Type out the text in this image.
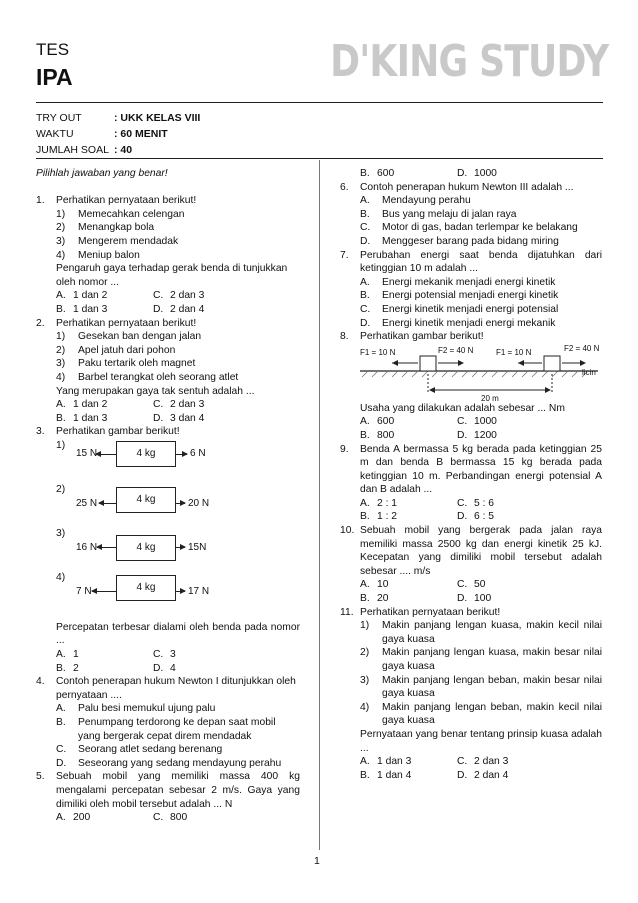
TES
IPA	D'KING STUDY
TRY OUT	: UKK KELAS VIII
WAKTU	: 60 MENIT
JUMLAH SOAL : 40

Pilihlah jawaban yang benar!

1.	Perhatikan pernyataan berikut!
1)	Memecahkan celengan
2)	Menangkap bola
3)	Mengerem mendadak
4)	Meniup balon
Pengaruh gaya terhadap gerak benda di tunjukkan oleh nomor ...
A. 1 dan 2	C. 2 dan 3
B. 1 dan 3	D. 2 dan 4
2.	Perhatikan pernyataan berikut!
1)	Gesekan ban dengan jalan
2)	Apel jatuh dari pohon
3)	Paku tertarik oleh magnet
4)	Barbel terangkat oleh seorang atlet
Yang merupakan gaya tak sentuh adalah ...
A. 1 dan 2	C. 2 dan 3
B. 1 dan 3	D. 3 dan 4
3.	Perhatikan gambar berikut!
1)
15 N	4 kg	6 N
2)
25 N	4 kg	20 N
3)
16 N	4 kg	15N
4)
7 N	4 kg	17 N
Percepatan terbesar dialami oleh benda pada nomor ...
A. 1	C. 3
B. 2	D. 4
4.	Contoh penerapan hukum Newton I ditunjukkan oleh pernyataan ....
A.	Palu besi memukul ujung palu
B.	Penumpang terdorong ke depan saat mobil yang bergerak cepat direm mendadak
C.	Seorang atlet sedang berenang
D.	Seseorang yang sedang mendayung perahu
5.	Sebuah mobil yang memiliki massa 400 kg mengalami percepatan sebesar 2 m/s. Gaya yang dimiliki oleh mobil tersebut adalah ... N
A. 200	C. 800
B. 600	D. 1000
6.	Contoh penerapan hukum Newton III adalah ...
A.	Mendayung perahu
B.	Bus yang melaju di jalan raya
C.	Motor di gas, badan terlempar ke belakang
D.	Menggeser barang pada bidang miring
7.	Perubahan energi saat benda dijatuhkan dari ketinggian 10 m adalah ...
A.	Energi mekanik menjadi energi kinetik
B.	Energi potensial menjadi energi kinetik
C.	Energi kinetik menjadi energi potensial
D.	Energi kinetik menjadi energi mekanik
8.	Perhatikan gambar berikut!
F1 = 10 N	F2 = 40 N	F1 = 10 N	F2 = 40 N
licin
20 m
Usaha yang dilakukan adalah sebesar ... Nm
A. 600	C. 1000
B. 800	D. 1200
9.	Benda A bermassa 5 kg berada pada ketinggian 25 m dan benda B bermassa 15 kg berada pada ketinggian 10 m. Perbandingan energi potensial A dan B adalah ...
A. 2 : 1	C. 5 : 6
B. 1 : 2	D. 6 : 5
10. Sebuah mobil yang bergerak pada jalan raya memiliki massa 2500 kg dan energi kinetik 25 kJ. Kecepatan yang dimiliki mobil tersebut adalah sebesar .... m/s
A. 10	C. 50
B. 20	D. 100
11. Perhatikan pernyataan berikut!
1)	Makin panjang lengan kuasa, makin kecil nilai gaya kuasa
2)	Makin panjang lengan kuasa, makin besar nilai gaya kuasa
3)	Makin panjang lengan beban, makin besar nilai gaya kuasa
4)	Makin panjang lengan beban, makin kecil nilai gaya kuasa
Pernyataan yang benar tentang prinsip kuasa adalah ...
A. 1 dan 3	C. 2 dan 3
B. 1 dan 4	D. 2 dan 4
1
